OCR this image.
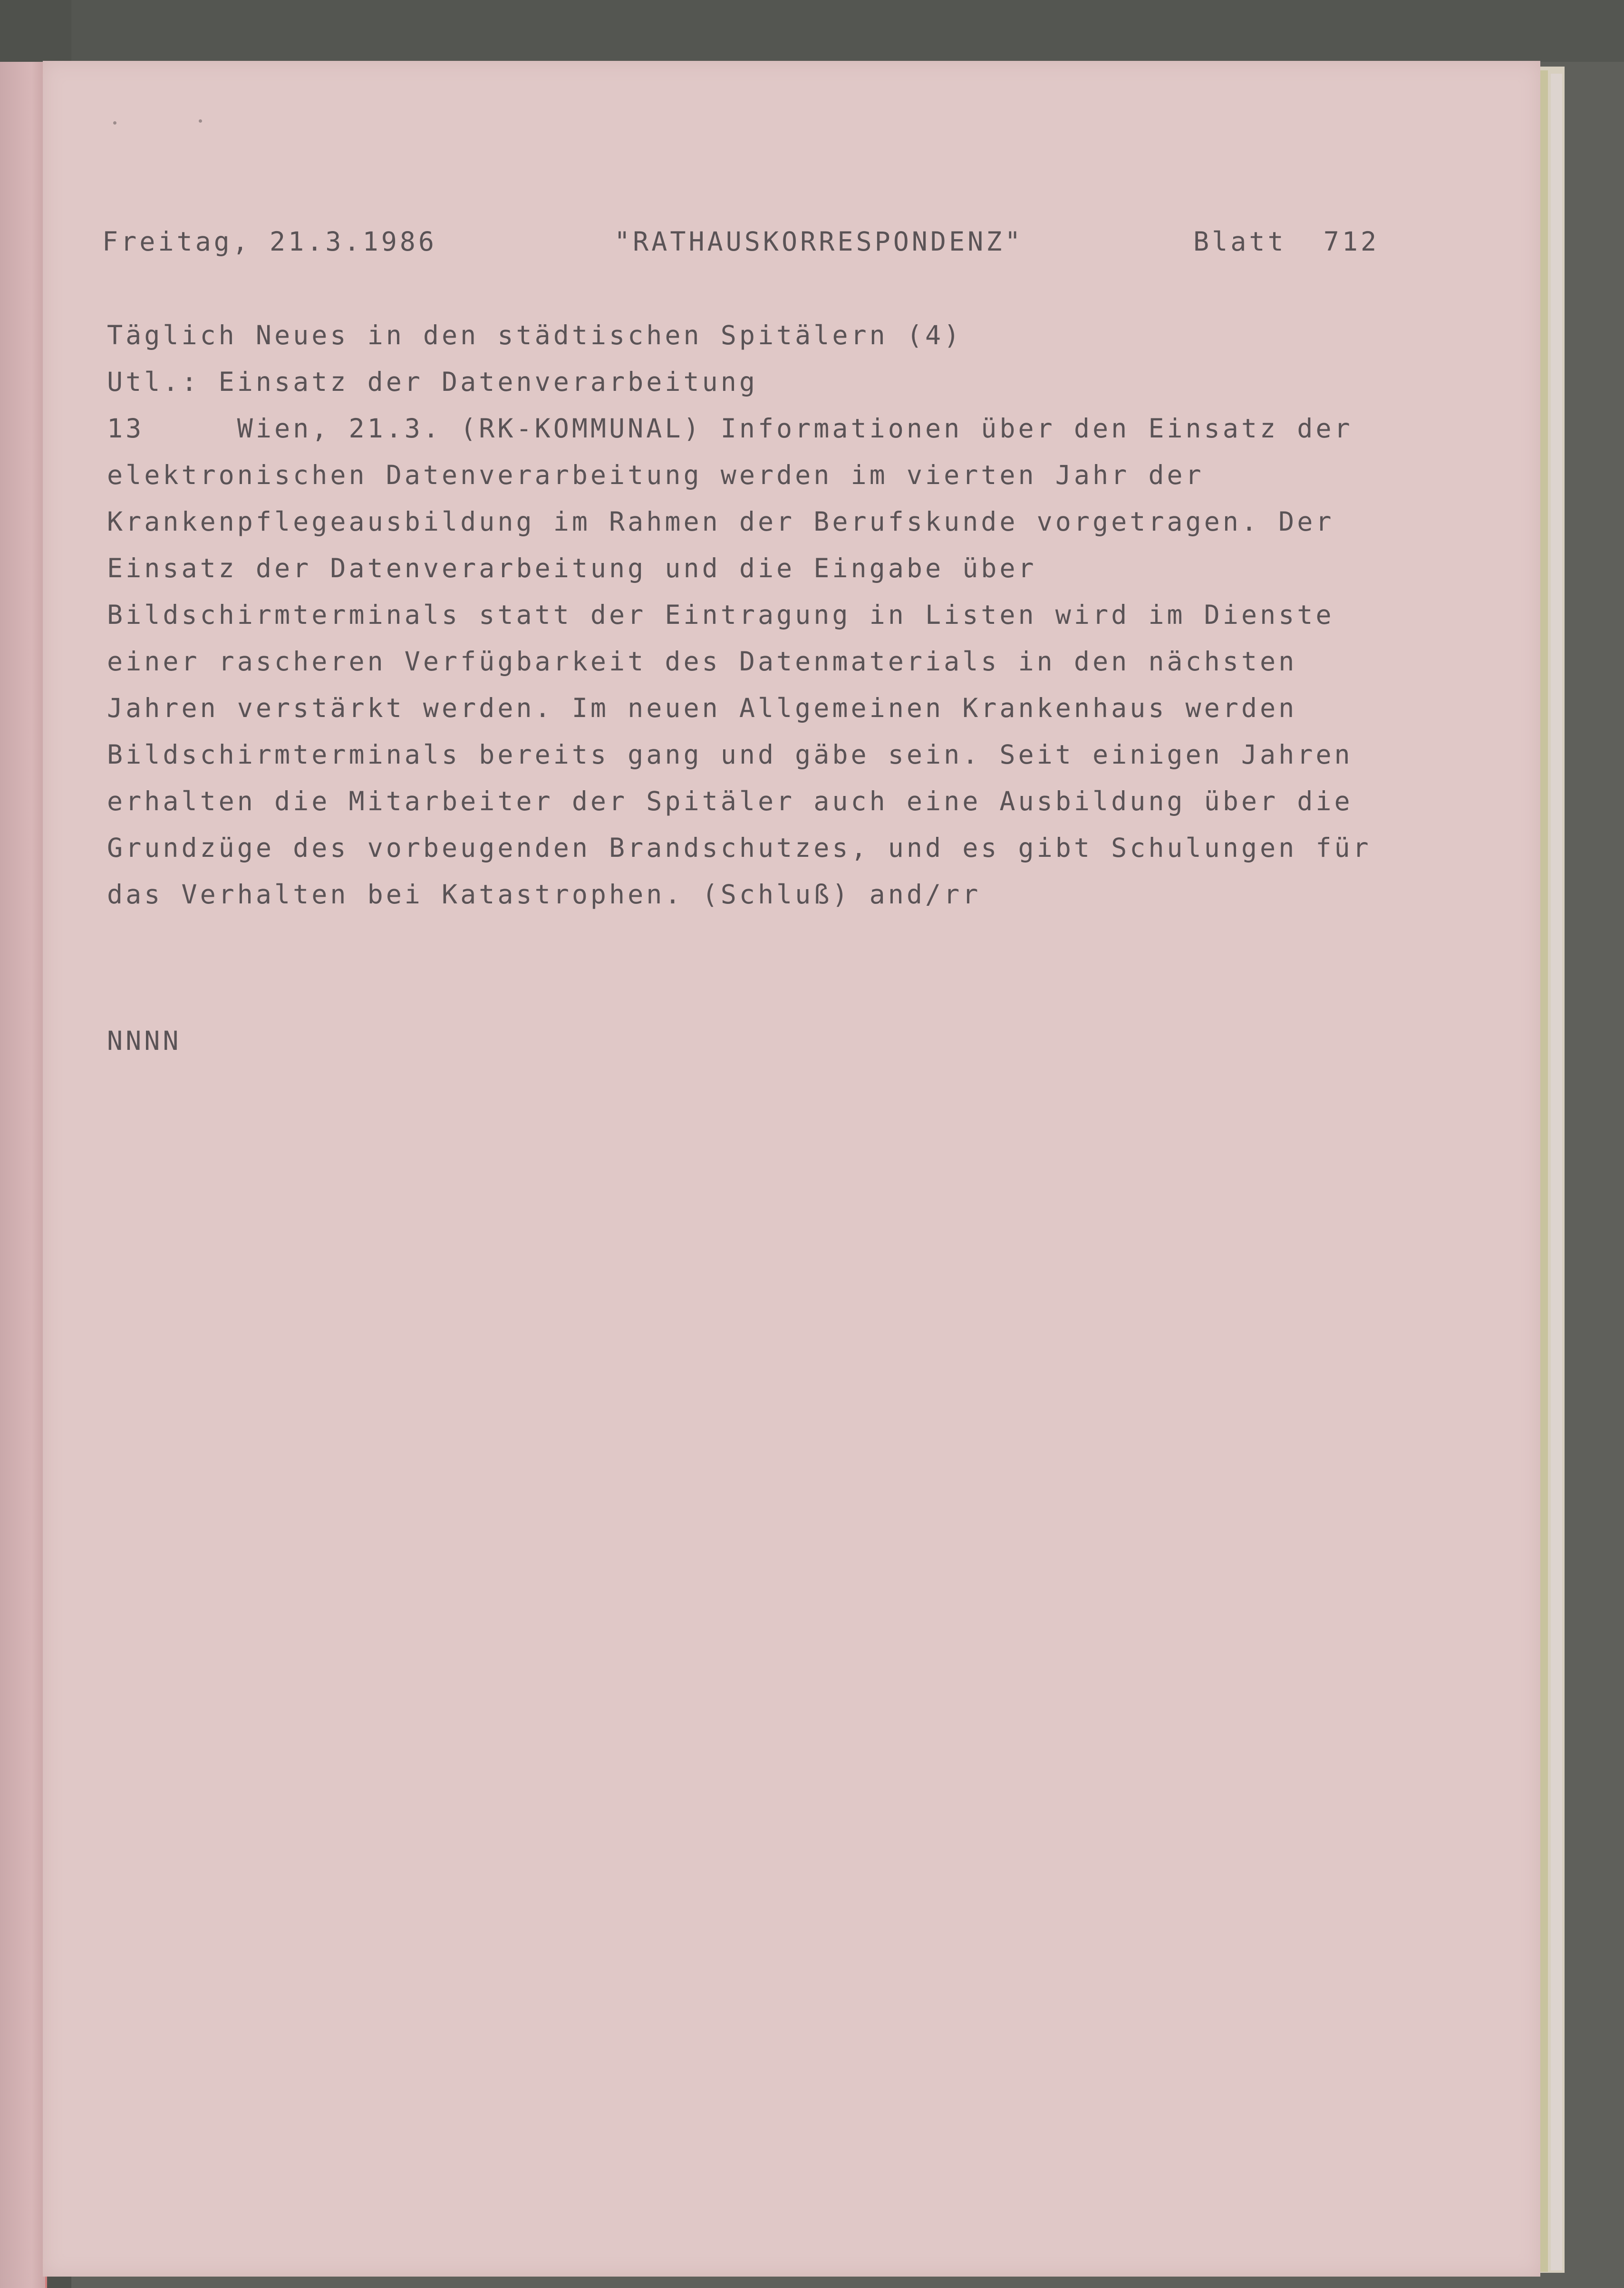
Freitag, 21.3.1986	"RATHAUSKORRESPONDENZ"	Blatt  712

Täglich Neues in den städtischen Spitälern (4)

Utl.: Einsatz der Datenverarbeitung

13     Wien, 21.3. (RK-KOMMUNAL) Informationen über den Einsatz der

elektronischen Datenverarbeitung werden im vierten Jahr der

Krankenpflegeausbildung im Rahmen der Berufskunde vorgetragen. Der

Einsatz der Datenverarbeitung und die Eingabe über

Bildschirmterminals statt der Eintragung in Listen wird im Dienste

einer rascheren Verfügbarkeit des Datenmaterials in den nächsten

Jahren verstärkt werden. Im neuen Allgemeinen Krankenhaus werden

Bildschirmterminals bereits gang und gäbe sein. Seit einigen Jahren

erhalten die Mitarbeiter der Spitäler auch eine Ausbildung über die

Grundzüge des vorbeugenden Brandschutzes, und es gibt Schulungen für

das Verhalten bei Katastrophen. (Schluß) and/rr

NNNN
